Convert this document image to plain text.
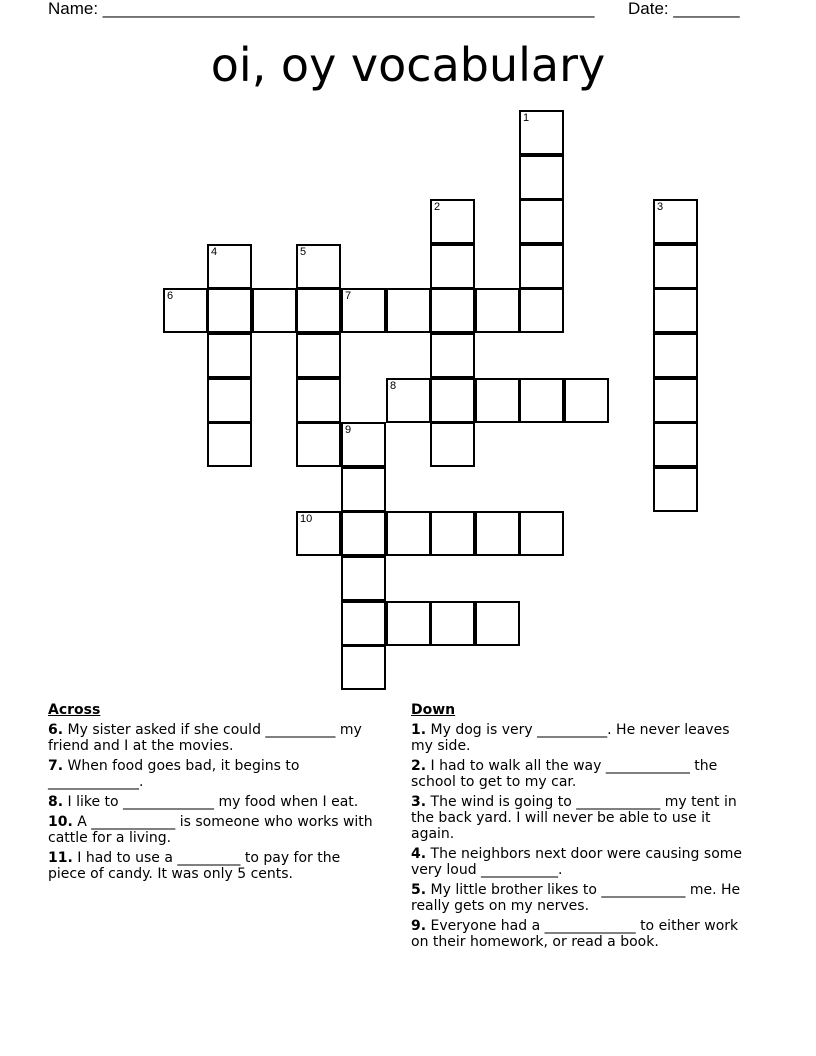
Name: ____________________________________________________ Date: _______
oi, oy vocabulary
1
2	3
4	5
6	7
8
9
10
Across
6. My sister asked if she could __________ my friend and I at the movies.
7. When food goes bad, it begins to _____________.
8. I like to _____________ my food when I eat.
10. A ____________ is someone who works with cattle for a living.
11. I had to use a _________ to pay for the piece of candy. It was only 5 cents.
Down
1. My dog is very __________. He never leaves my side.
2. I had to walk all the way ____________ the school to get to my car.
3. The wind is going to ____________ my tent in the back yard. I will never be able to use it again.
4. The neighbors next door were causing some very loud ___________.
5. My little brother likes to ____________ me. He really gets on my nerves.
9. Everyone had a _____________ to either work on their homework, or read a book.
